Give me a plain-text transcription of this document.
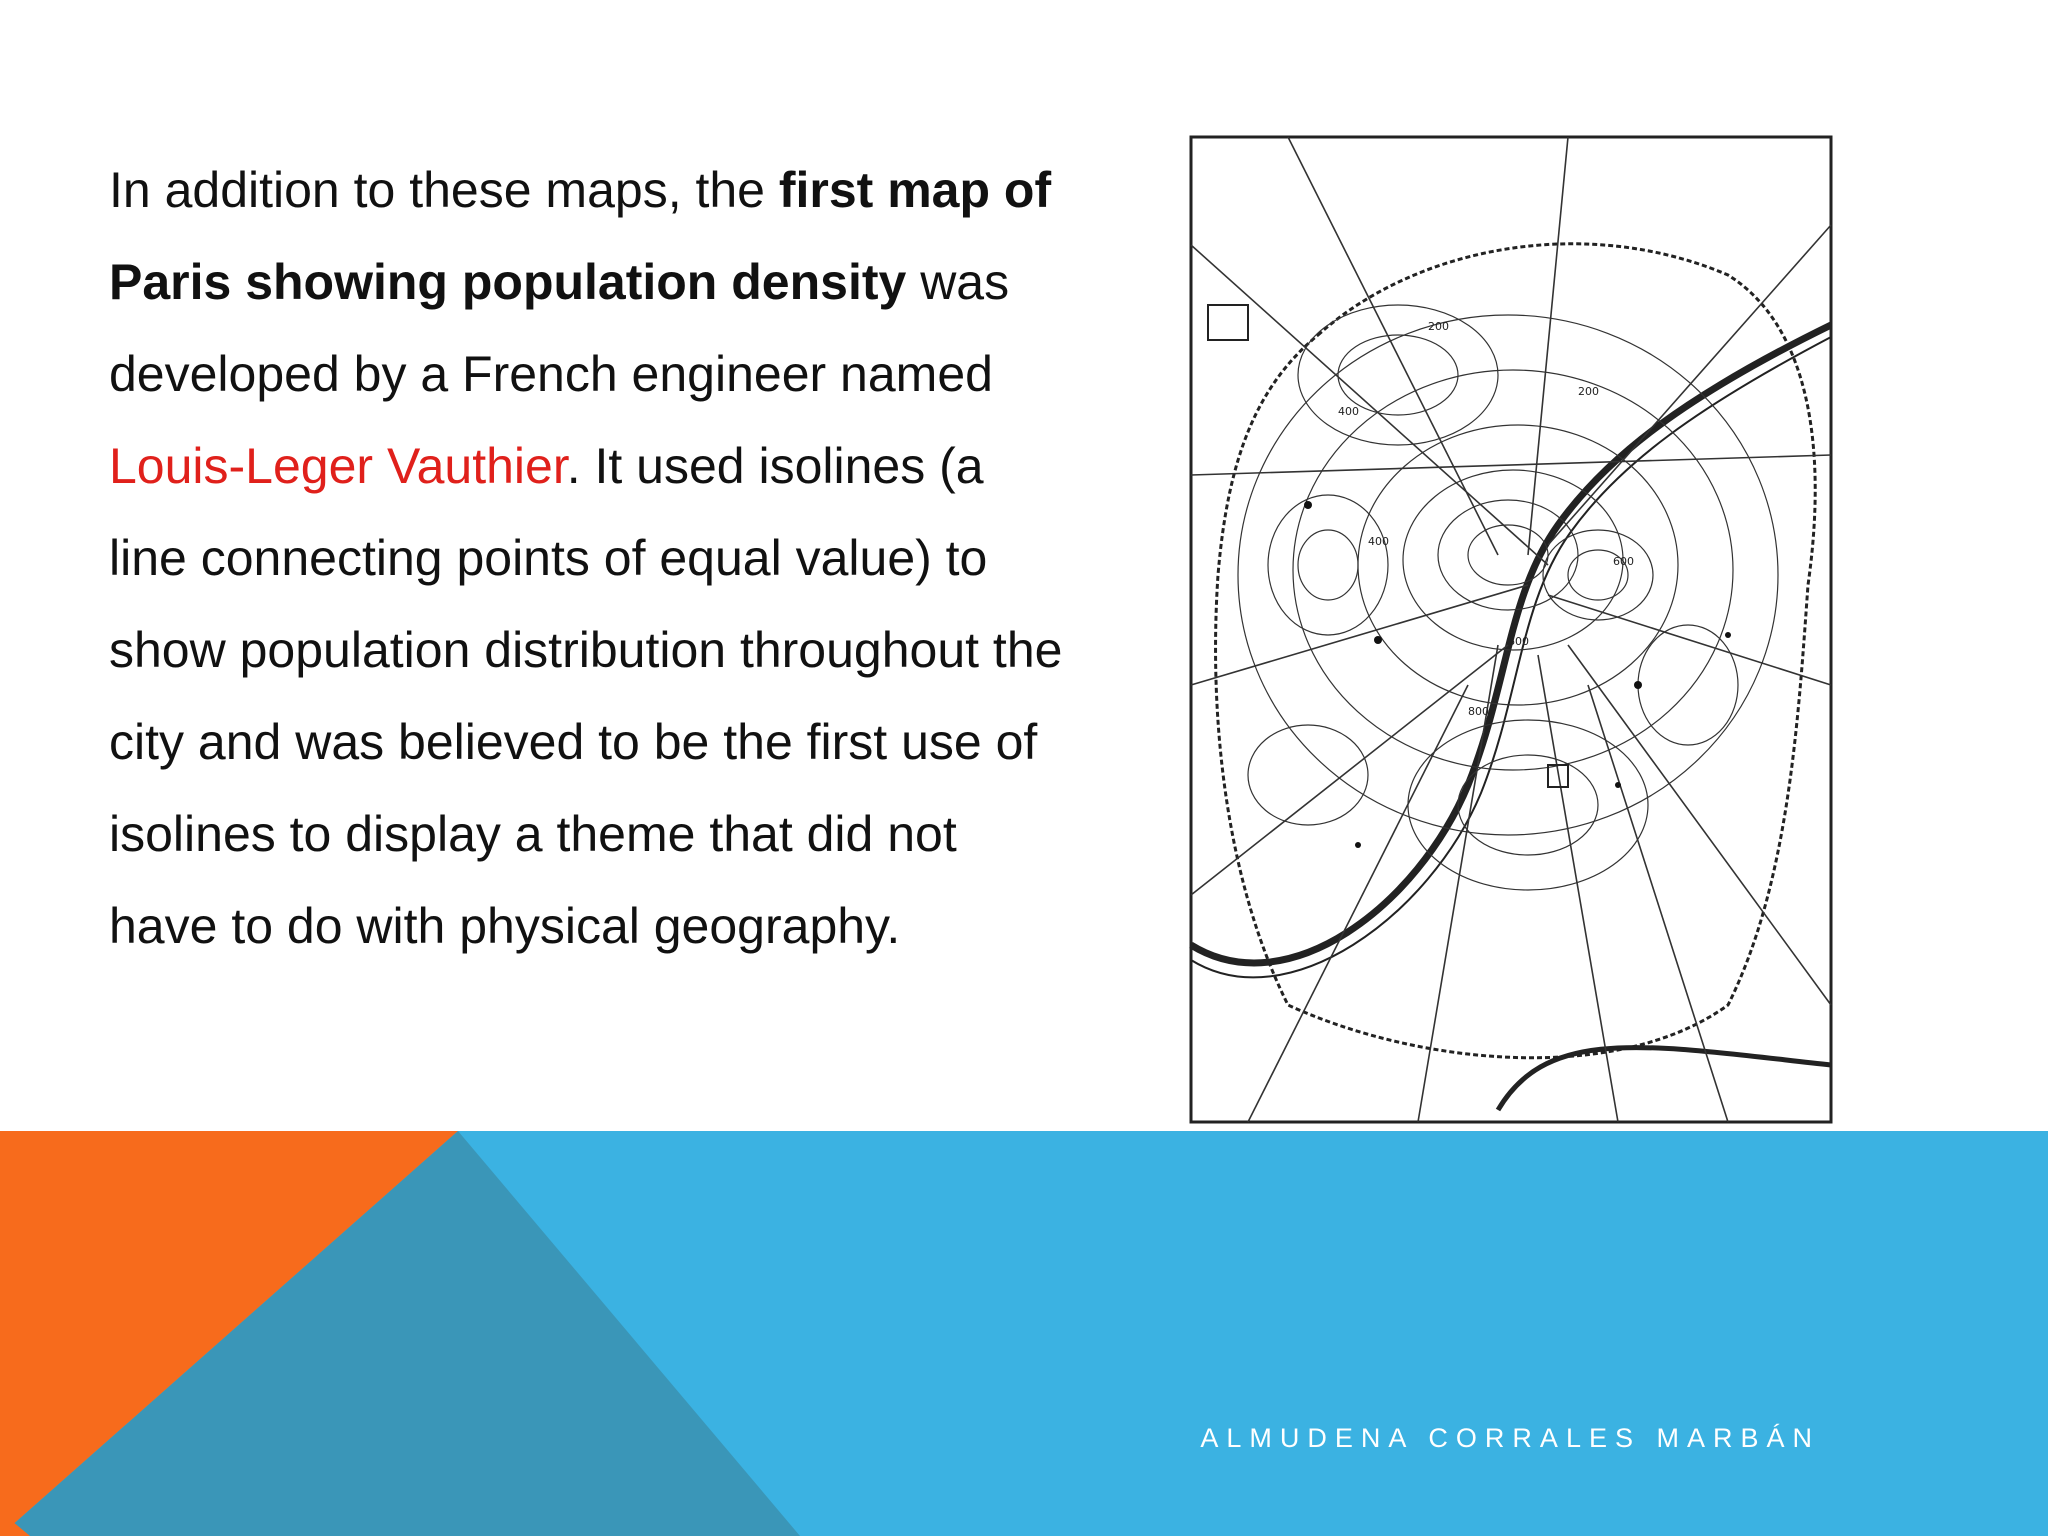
In addition to these maps, the first map of Paris showing population density was developed by a French engineer named Louis-Leger Vauthier. It used isolines (a line connecting points of equal value) to show population distribution throughout the city and was believed to be the first use of isolines to display a theme that did not have to do with physical geography.
200
200
400
400
600
600
800
ALMUDENA CORRALES MARBÁN
